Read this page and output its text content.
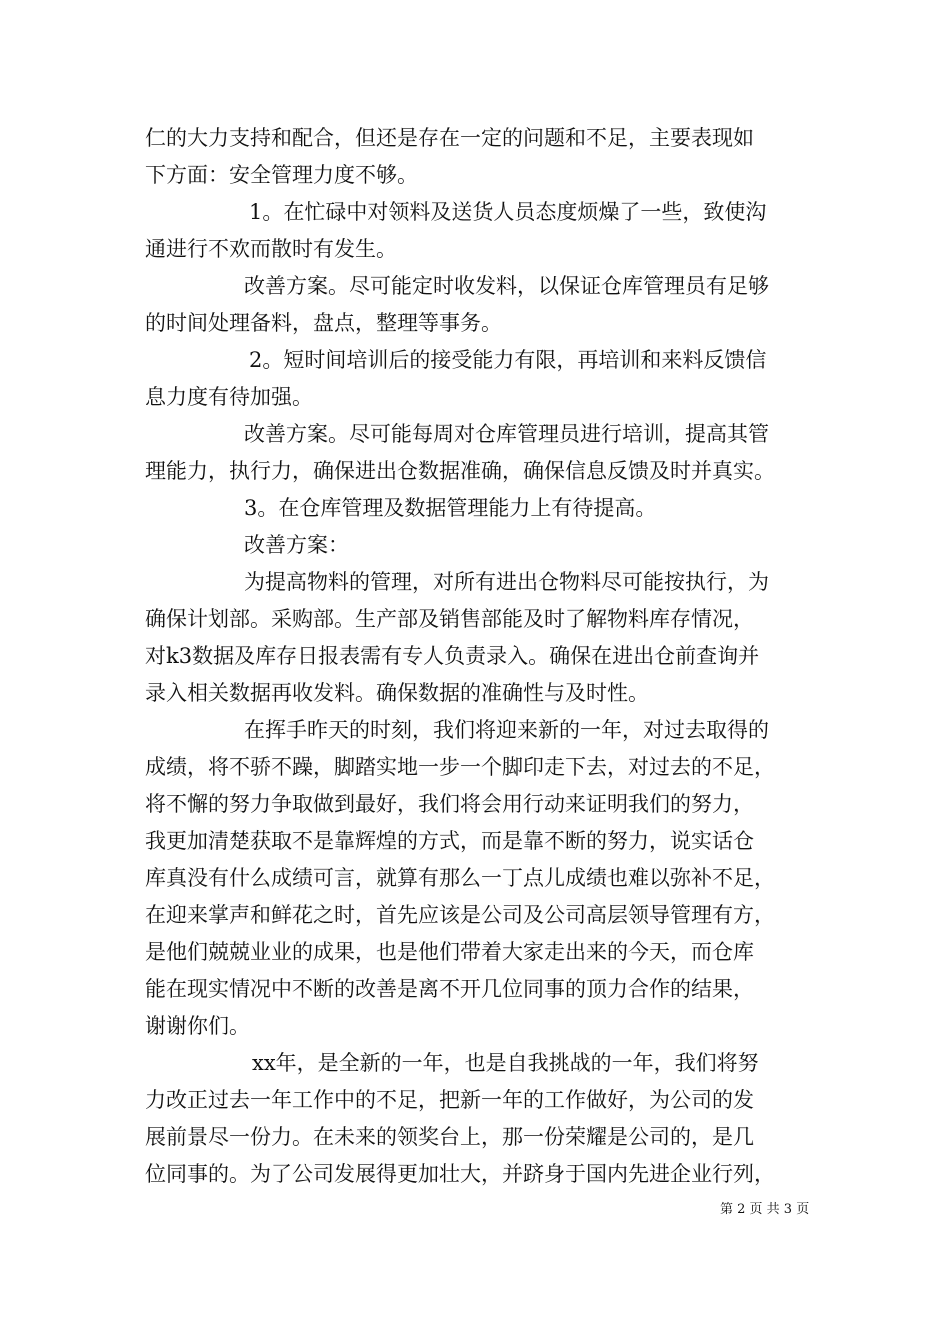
仁的大力支持和配合，但还是存在一定的问题和不足，主要表现如
下方面：安全管理力度不够。
1。在忙碌中对领料及送货人员态度烦燥了一些，致使沟
通进行不欢而散时有发生。
改善方案。尽可能定时收发料，以保证仓库管理员有足够
的时间处理备料，盘点，整理等事务。
2。短时间培训后的接受能力有限，再培训和来料反馈信
息力度有待加强。
改善方案。尽可能每周对仓库管理员进行培训，提高其管
理能力，执行力，确保进出仓数据准确，确保信息反馈及时并真实。
3。在仓库管理及数据管理能力上有待提高。
改善方案：
为提高物料的管理，对所有进出仓物料尽可能按执行，为
确保计划部。采购部。生产部及销售部能及时了解物料库存情况，
对k3数据及库存日报表需有专人负责录入。确保在进出仓前查询并
录入相关数据再收发料。确保数据的准确性与及时性。
在挥手昨天的时刻，我们将迎来新的一年，对过去取得的
成绩，将不骄不躁，脚踏实地一步一个脚印走下去，对过去的不足，
将不懈的努力争取做到最好，我们将会用行动来证明我们的努力，
我更加清楚获取不是靠辉煌的方式，而是靠不断的努力，说实话仓
库真没有什么成绩可言，就算有那么一丁点儿成绩也难以弥补不足，
在迎来掌声和鲜花之时，首先应该是公司及公司高层领导管理有方，
是他们兢兢业业的成果，也是他们带着大家走出来的今天，而仓库
能在现实情况中不断的改善是离不开几位同事的顶力合作的结果，
谢谢你们。
xx年，是全新的一年，也是自我挑战的一年，我们将努
力改正过去一年工作中的不足，把新一年的工作做好，为公司的发
展前景尽一份力。在未来的领奖台上，那一份荣耀是公司的，是几
位同事的。为了公司发展得更加壮大，并跻身于国内先进企业行列，
第 2 页 共 3 页
